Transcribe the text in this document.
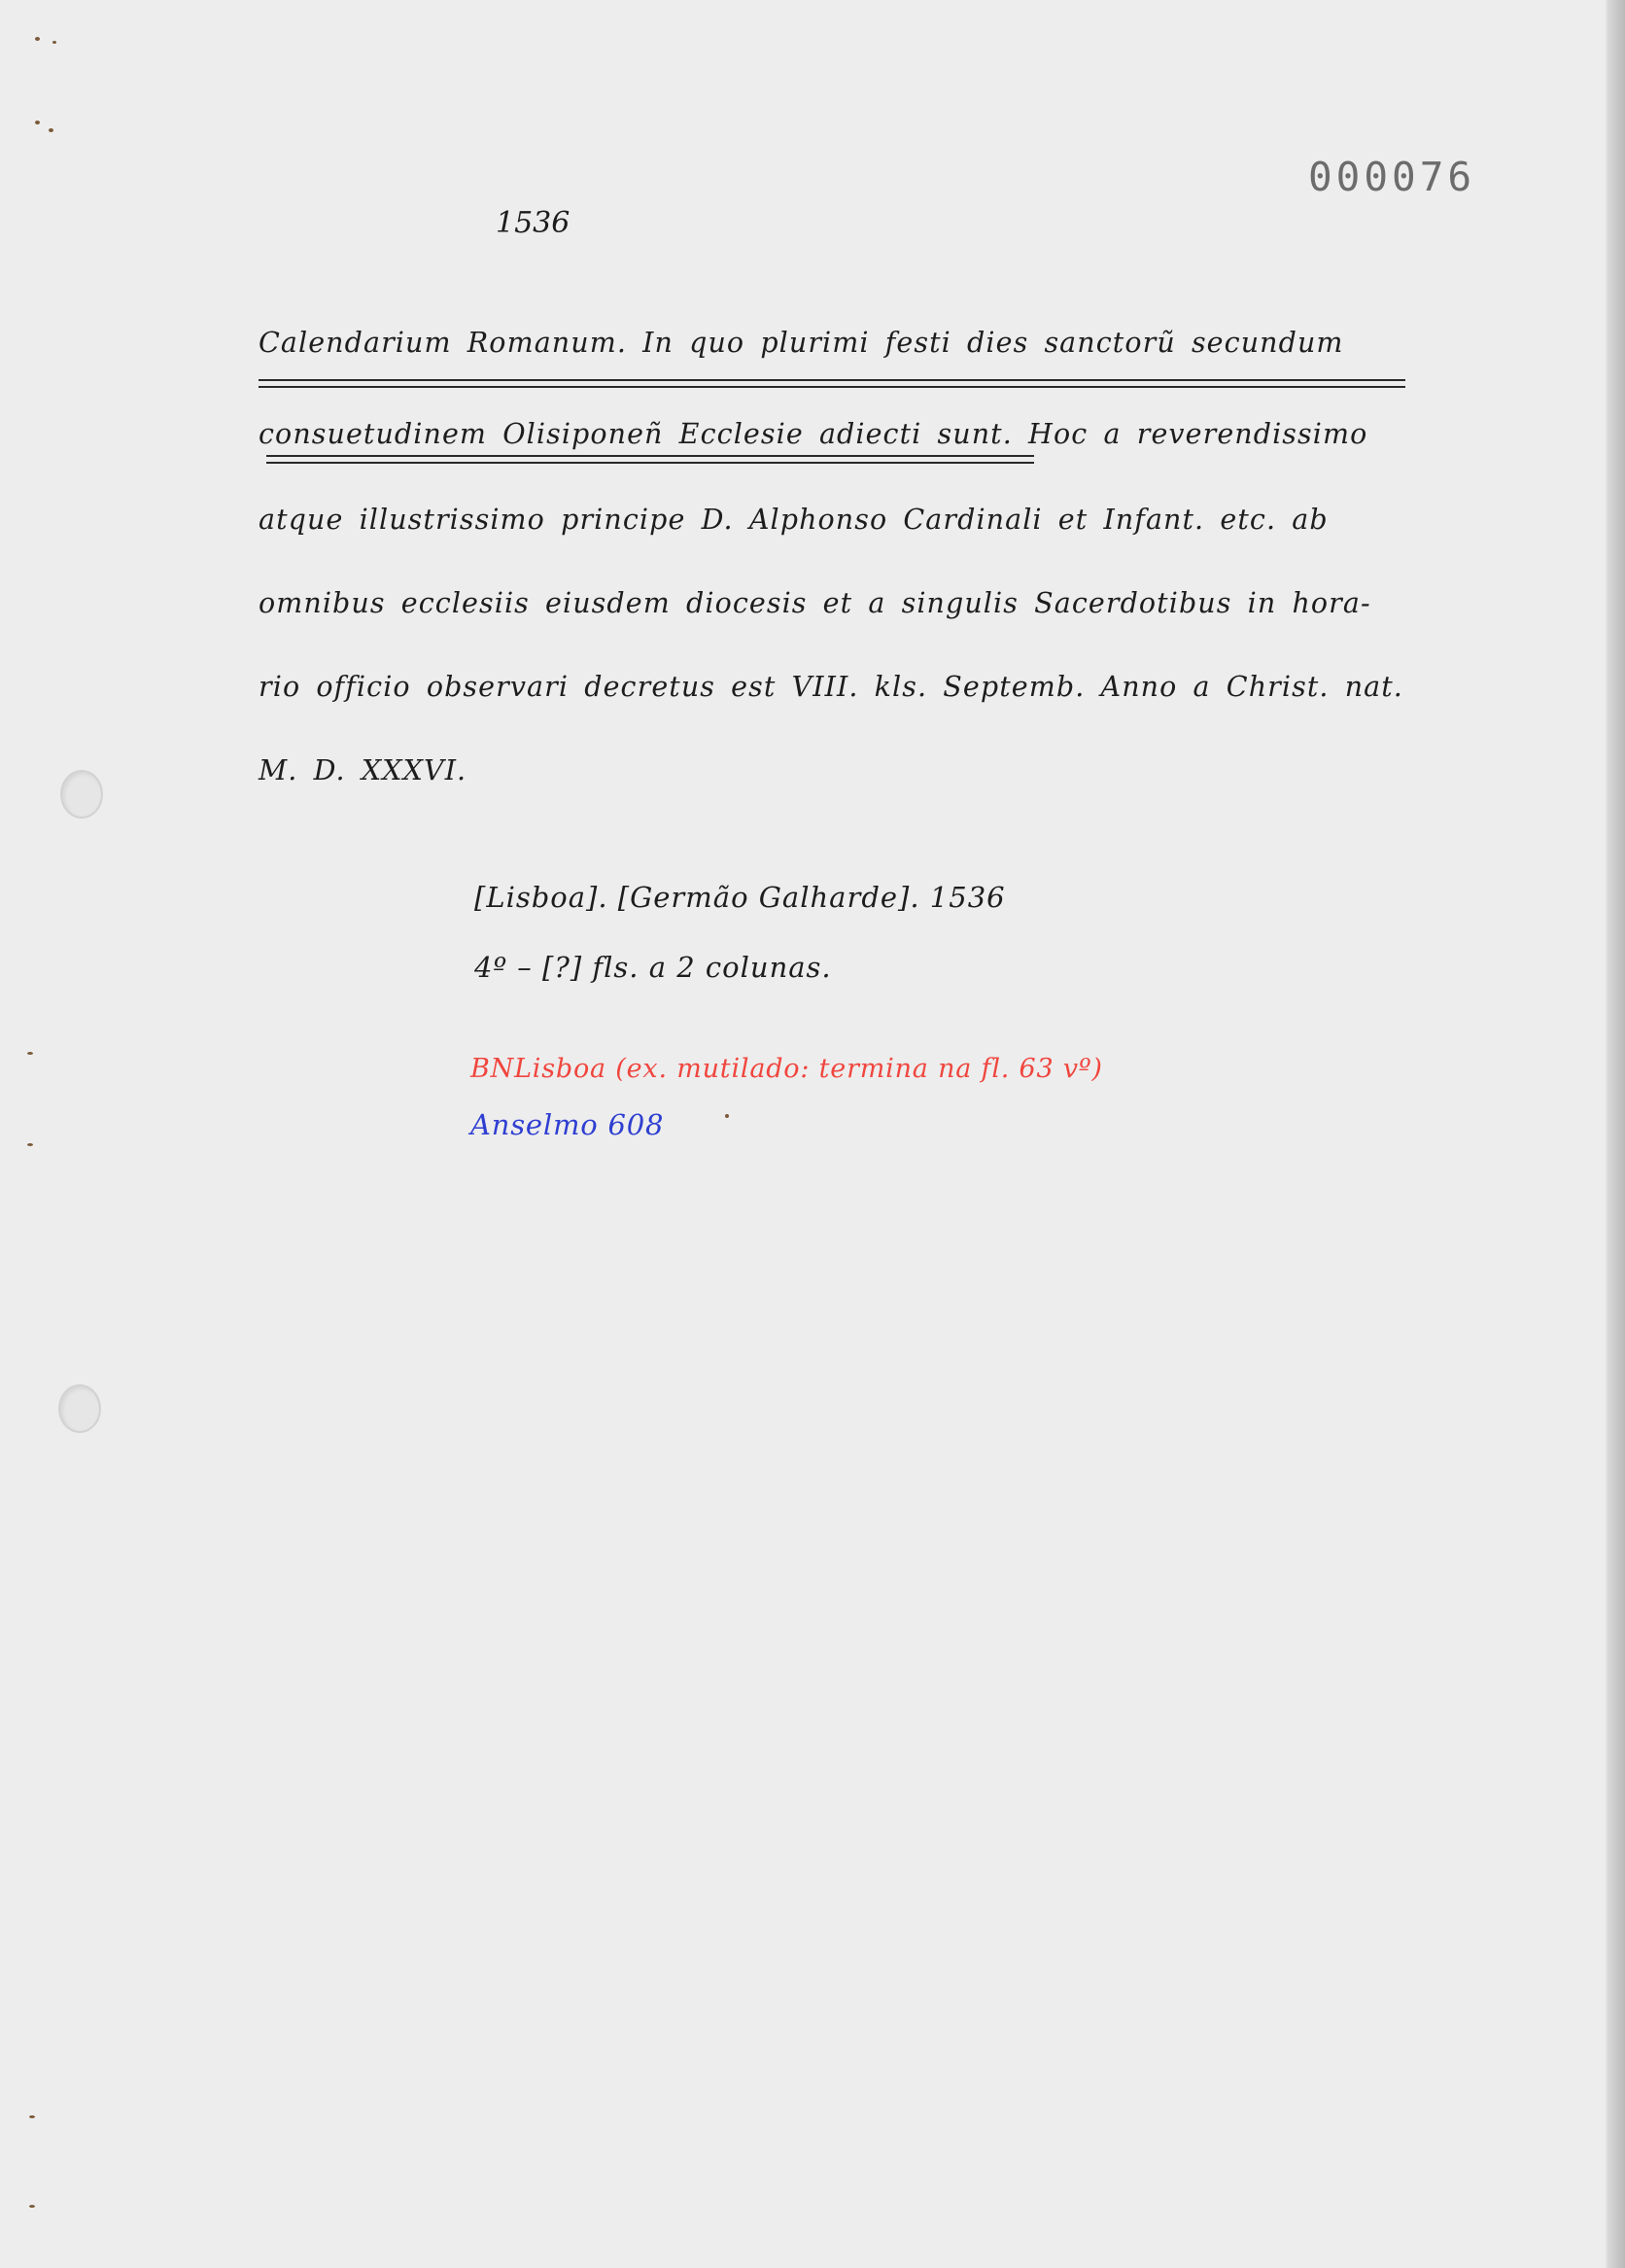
000076
1536
Calendarium Romanum. In quo plurimi festi dies sanctorũ secundum
consuetudinem Olisiponeñ Ecclesie adiecti sunt. Hoc a reverendissimo
atque illustrissimo principe D. Alphonso Cardinali et Infant. etc. ab
omnibus ecclesiis eiusdem diocesis et a singulis Sacerdotibus in hora-
rio officio observari decretus est VIII. kls. Septemb. Anno a Christ. nat.
M. D. XXXVI.
[Lisboa]. [Germão Galharde]. 1536
4º – [?] fls. a 2 colunas.
BNLisboa (ex. mutilado: termina na fl. 63 vº)
Anselmo 608
